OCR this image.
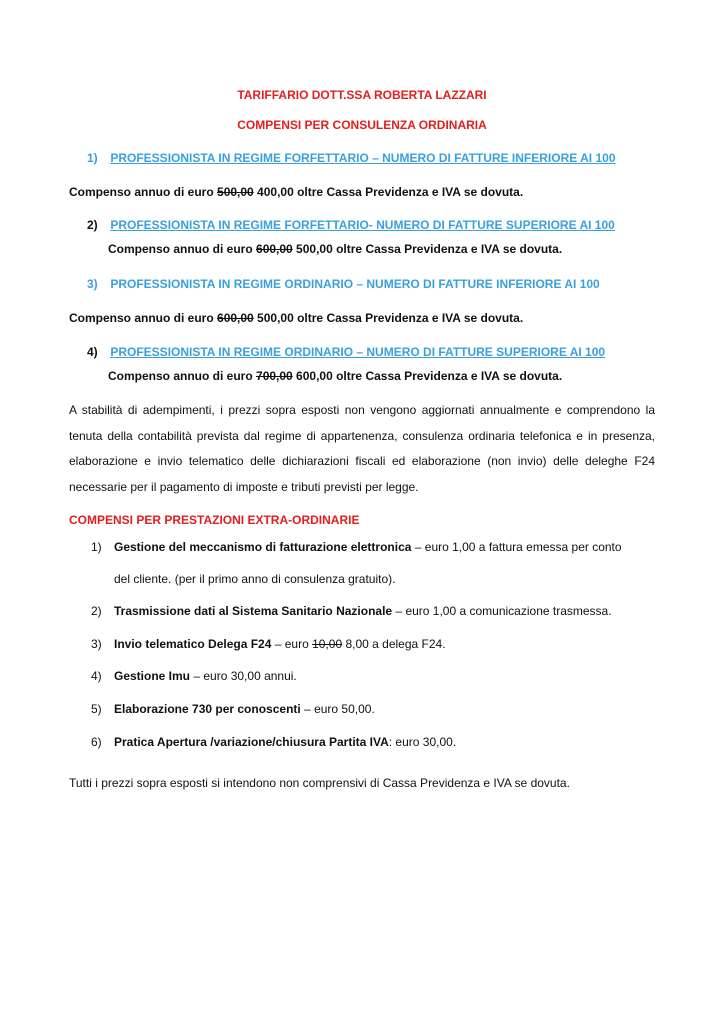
TARIFFARIO DOTT.SSA ROBERTA LAZZARI
COMPENSI PER CONSULENZA ORDINARIA
1) PROFESSIONISTA IN REGIME FORFETTARIO – NUMERO DI FATTURE INFERIORE AI 100
Compenso annuo di euro 500,00 400,00 oltre Cassa Previdenza e IVA se dovuta.
2) PROFESSIONISTA IN REGIME FORFETTARIO- NUMERO DI FATTURE SUPERIORE AI 100
Compenso annuo di euro 600,00 500,00 oltre Cassa Previdenza e IVA se dovuta.
3) PROFESSIONISTA IN REGIME ORDINARIO – NUMERO DI FATTURE INFERIORE AI 100
Compenso annuo di euro 600,00 500,00 oltre Cassa Previdenza e IVA se dovuta.
4) PROFESSIONISTA IN REGIME ORDINARIO – NUMERO DI FATTURE SUPERIORE AI 100
Compenso annuo di euro 700,00 600,00 oltre Cassa Previdenza e IVA se dovuta.
A stabilità di adempimenti, i prezzi sopra esposti non vengono aggiornati annualmente e comprendono la tenuta della contabilità prevista dal regime di appartenenza, consulenza ordinaria telefonica e in presenza, elaborazione e invio telematico delle dichiarazioni fiscali ed elaborazione (non invio) delle deleghe F24 necessarie per il pagamento di imposte e tributi previsti per legge.
COMPENSI PER PRESTAZIONI EXTRA-ORDINARIE
1) Gestione del meccanismo di fatturazione elettronica – euro 1,00 a fattura emessa per conto
del cliente. (per il primo anno di consulenza gratuito).
2) Trasmissione dati al Sistema Sanitario Nazionale – euro 1,00 a comunicazione trasmessa.
3) Invio telematico Delega F24 – euro 10,00 8,00 a delega F24.
4) Gestione Imu – euro 30,00 annui.
5) Elaborazione 730 per conoscenti – euro 50,00.
6) Pratica Apertura /variazione/chiusura Partita IVA: euro 30,00.
Tutti i prezzi sopra esposti si intendono non comprensivi di Cassa Previdenza e IVA se dovuta.
